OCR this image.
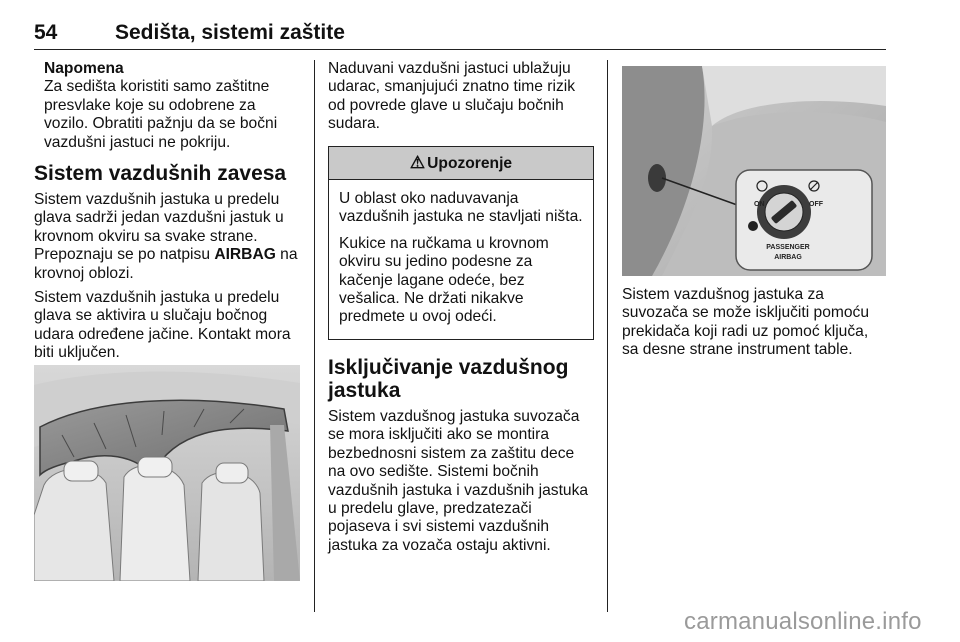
54	Sedišta, sistemi zaštite
Napomena
Za sedišta koristiti samo zaštitne presvlake koje su odobrene za vozilo. Obratiti pažnju da se bočni vazdušni jastuci ne pokriju.
Sistem vazdušnih zavesa

Sistem vazdušnih jastuka u predelu glava sadrži jedan vazdušni jastuk u krovnom okviru sa svake strane. Prepoznaju se po natpisu AIRBAG na krovnoj oblozi.

Sistem vazdušnih jastuka u predelu glava se aktivira u slučaju bočnog udara određene jačine. Kontakt mora biti uključen.

Naduvani vazdušni jastuci ublažuju udarac, smanjujući znatno time rizik od povrede glave u slučaju bočnih sudara.

⚠ Upozorenje

U oblast oko naduvavanja vazdušnih jastuka ne stavljati ništa.

Kukice na ručkama u krovnom okviru su jedino podesne za kačenje lagane odeće, bez vešalica. Ne držati nikakve predmete u ovoj odeći.

Isključivanje vazdušnog jastuka

Sistem vazdušnog jastuka suvozača se mora isključiti ako se montira bezbednosni sistem za zaštitu dece na ovo sedište. Sistemi bočnih vazdušnih jastuka i vazdušnih jastuka u predelu glave, predzatezači pojaseva i svi sistemi vazdušnih jastuka za vozača ostaju aktivni.

ON	OFF
PASSENGER
AIRBAG

Sistem vazdušnog jastuka za suvozača se može isključiti pomoću prekidača koji radi uz pomoć ključa, sa desne strane instrument table.

carmanualsonline.info
